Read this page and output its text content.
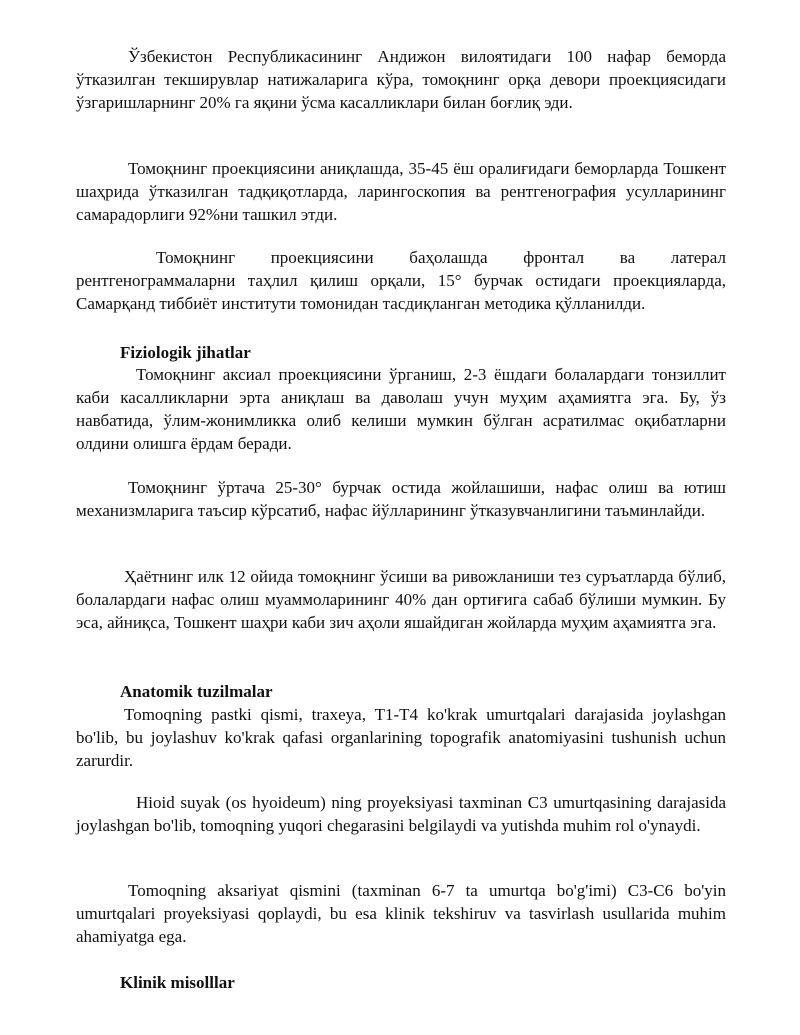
Ўзбекистон Республикасининг Андижон вилоятидаги 100 нафар беморда ўтказилган текширувлар натижаларига кўра, томоқнинг орқа девори проекциясидаги ўзгаришларнинг 20% га яқини ўсма касалликлари билан боғлиқ эди.

Томоқнинг проекциясини аниқлашда, 35-45 ёш оралиғидаги беморларда Тошкент шаҳрида ўтказилган тадқиқотларда, ларингоскопия ва рентгенография усулларининг самарадорлиги 92%ни ташкил этди.

Томоқнинг проекциясини баҳолашда фронтал ва латерал рентгенограммаларни таҳлил қилиш орқали, 15° бурчак остидаги проекцияларда, Самарқанд тиббиёт институти томонидан тасдиқланган методика қўлланилди.

Fiziologik jihatlar

Томоқнинг аксиал проекциясини ўрганиш, 2-3 ёшдаги болалардаги тонзиллит каби касалликларни эрта аниқлаш ва даволаш учун муҳим аҳамиятга эга. Бу, ўз навбатида, ўлим-жонимликка олиб келиши мумкин бўлган асратилмас оқибатларни олдини олишга ёрдам беради.

Томоқнинг ўртача 25-30° бурчак остида жойлашиши, нафас олиш ва ютиш механизмларига таъсир кўрсатиб, нафас йўлларининг ўтказувчанлигини таъминлайди.

Ҳаётнинг илк 12 ойида томоқнинг ўсиши ва ривожланиши тез суръатларда бўлиб, болалардаги нафас олиш муаммоларининг 40% дан ортиғига сабаб бўлиши мумкин. Бу эса, айниқса, Тошкент шаҳри каби зич аҳоли яшайдиган жойларда муҳим аҳамиятга эга.

Anatomik tuzilmalar

Tomoqning pastki qismi, traxeya, T1-T4 ko'krak umurtqalari darajasida joylashgan bo'lib, bu joylashuv ko'krak qafasi organlarining topografik anatomiyasini tushunish uchun zarurdir.

Hioid suyak (os hyoideum) ning proyeksiyasi taxminan C3 umurtqasining darajasida joylashgan bo'lib, tomoqning yuqori chegarasini belgilaydi va yutishda muhim rol o'ynaydi.

Tomoqning aksariyat qismini (taxminan 6-7 ta umurtqa bo'g'imi) C3-C6 bo'yin umurtqalari proyeksiyasi qoplaydi, bu esa klinik tekshiruv va tasvirlash usullarida muhim ahamiyatga ega.

Klinik misolllar
